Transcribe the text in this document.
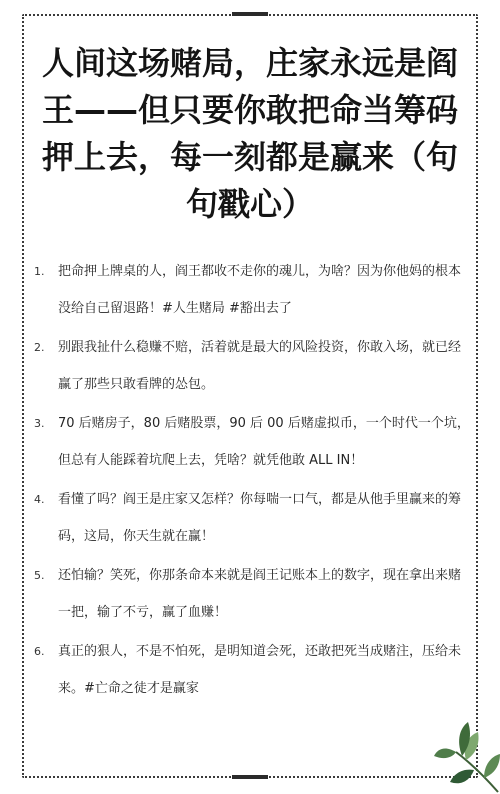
人间这场赌局，庄家永远是阎王——但只要你敢把命当筹码押上去，每一刻都是赢来（句句戳心）
1.	把命押上牌桌的人，阎王都收不走你的魂儿，为啥？因为你他妈的根本没给自己留退路！#人生赌局 #豁出去了
2.	别跟我扯什么稳赚不赔，活着就是最大的风险投资，你敢入场，就已经赢了那些只敢看牌的怂包。
3.	70 后赌房子，80 后赌股票，90 后 00 后赌虚拟币，一个时代一个坑，但总有人能踩着坑爬上去，凭啥？就凭他敢 ALL IN！
4.	看懂了吗？阎王是庄家又怎样？你每喘一口气，都是从他手里赢来的筹码，这局，你天生就在赢！
5.	还怕输？笑死，你那条命本来就是阎王记账本上的数字，现在拿出来赌一把，输了不亏，赢了血赚！
6.	真正的狠人，不是不怕死，是明知道会死，还敢把死当成赌注，压给未来。#亡命之徒才是赢家
